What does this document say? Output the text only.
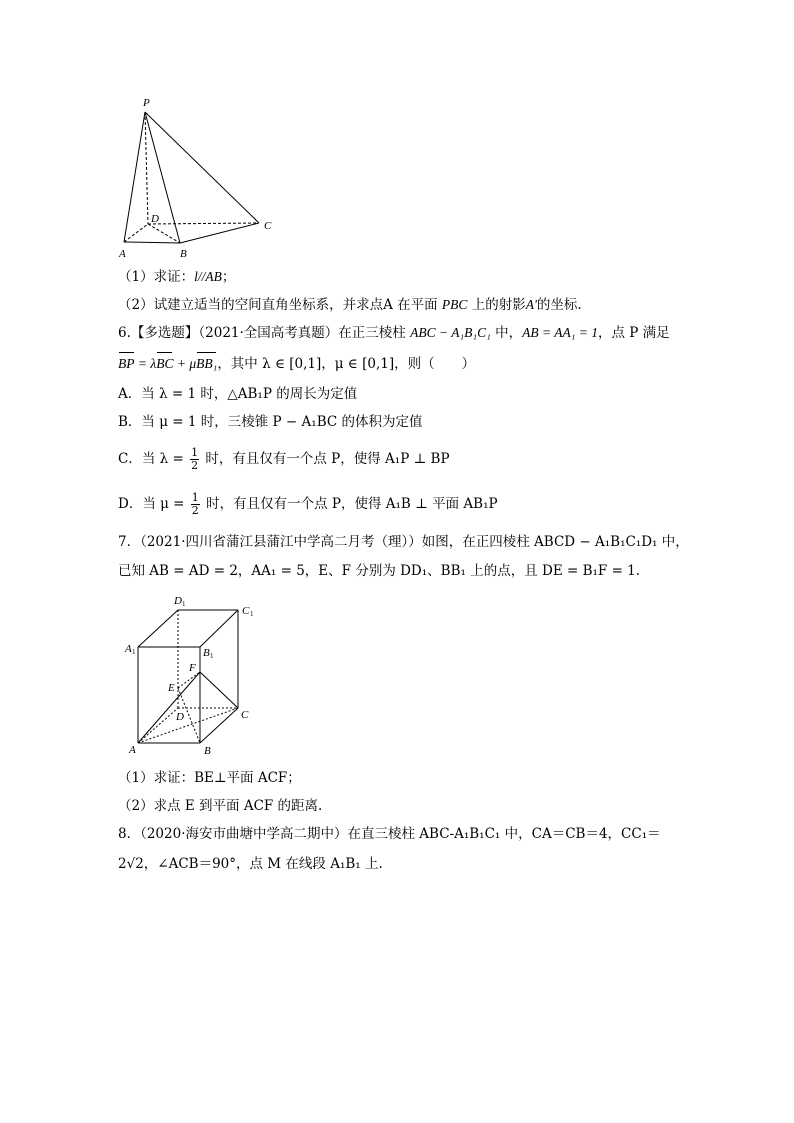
P
D
C
A	B
（1）求证：l//AB；
（2）试建立适当的空间直角坐标系，并求点A 在平面 PBC 上的射影A'的坐标.
6.【多选题】（2021·全国高考真题）在正三棱柱 ABC − A₁B₁C₁ 中，AB = AA₁ = 1，点 P 满足
BP = λBC + μBB₁，其中 λ ∈ [0,1]，μ ∈ [0,1]，则（　　）
A．当 λ = 1 时，△AB₁P 的周长为定值
B．当 μ = 1 时，三棱锥 P − A₁BC 的体积为定值
C．当 $\lambda = \frac{1}{2}$ 时，有且仅有一个点 P，使得 A₁P ⊥ BP
D．当 $\mu = \frac{1}{2}$ 时，有且仅有一个点 P，使得 A₁B ⊥ 平面 AB₁P
7．（2021·四川省蒲江县蒲江中学高二月考（理））如图，在正四棱柱 ABCD − A₁B₁C₁D₁ 中，
已知 AB = AD = 2，AA₁ = 5，E、F 分别为 DD₁、BB₁ 上的点，且 DE = B₁F = 1.
D 1
C 1
A 1	B 1
F
E
D	C
A	B
（1）求证：BE⊥平面 ACF；
（2）求点 E 到平面 ACF 的距离.
8．（2020·海安市曲塘中学高二期中）在直三棱柱 ABC-A₁B₁C₁ 中，CA＝CB＝4，CC₁＝
2√2，∠ACB＝90°，点 M 在线段 A₁B₁ 上.
